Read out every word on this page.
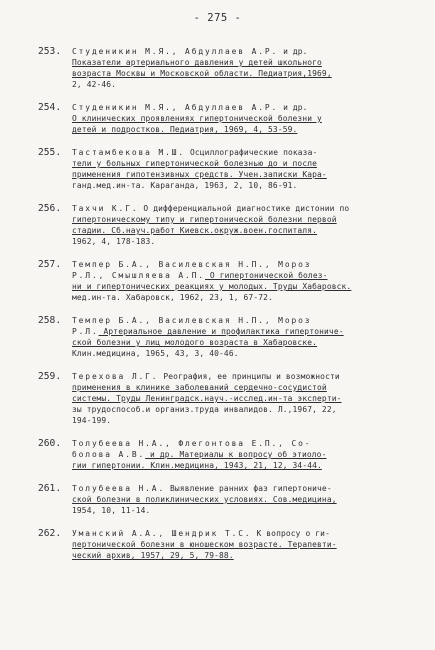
- 275 -
253.	Студеникин М.Я., Абдуллаев А.Р. и др.
Показатели артериального давления у детей школьного
возраста Москвы и Московской области. Педиатрия,1969,
2, 42-46.
254.	Студеникин М.Я., Абдуллаев А.Р. и др.
О клинических проявлениях гипертонической болезни у
детей и подростков. Педиатрия, 1969, 4, 53-59.
255.	Тастамбекова М.Ш. Осциллографические показа-
тели у больных гипертонической болезнью до и после
применения гипотензивных средств. Учен.записки Кара-
ганд.мед.ин-та. Караганда, 1963, 2, 10, 86-91.
256.	Тахчи К.Г. О дифференциальной диагностике дистонии по
гипертоническому типу и гипертонической болезни первой
стадии. Сб.науч.работ Киевск.окруж.воен.госпиталя.
1962, 4, 178-183.
257.	Темпер Б.А., Василевская Н.П., Мороз
Р.Л., Смышляева А.П. О гипертонической болез-
ни и гипертонических реакциях у молодых. Труды Хабаровск.
мед.ин-та. Хабаровск, 1962, 23, 1, 67-72.
258.	Темпер Б.А., Василевская Н.П., Мороз
Р.Л. Артериальное давление и профилактика гипертониче-
ской болезни у лиц молодого возраста в Хабаровске.
Клин.медицина, 1965, 43, 3, 40-46.
259.	Терехова Л.Г. Реография, ее принципы и возможности
применения в клинике заболеваний сердечно-сосудистой
системы. Труды Ленинградск.науч.-исслед.ин-та эксперти-
зы трудоспособ.и организ.труда инвалидов. Л.,1967, 22,
194-199.
260.	Толубеева Н.А., Флегонтова Е.П., Со-
болова А.В. и др. Материалы к вопросу об этиоло-
гии гипертонии. Клин.медицина, 1943, 21, 12, 34-44.
261.	Толубеева Н.А. Выявление ранних фаз гипертониче-
ской болезни в поликлинических условиях. Сов.медицина,
1954, 10, 11-14.
262.	Уманский А.А., Шендрик Т.С. К вопросу о ги-
пертонической болезни в юношеском возрасте. Терапевти-
ческий архив, 1957, 29, 5, 79-88.
